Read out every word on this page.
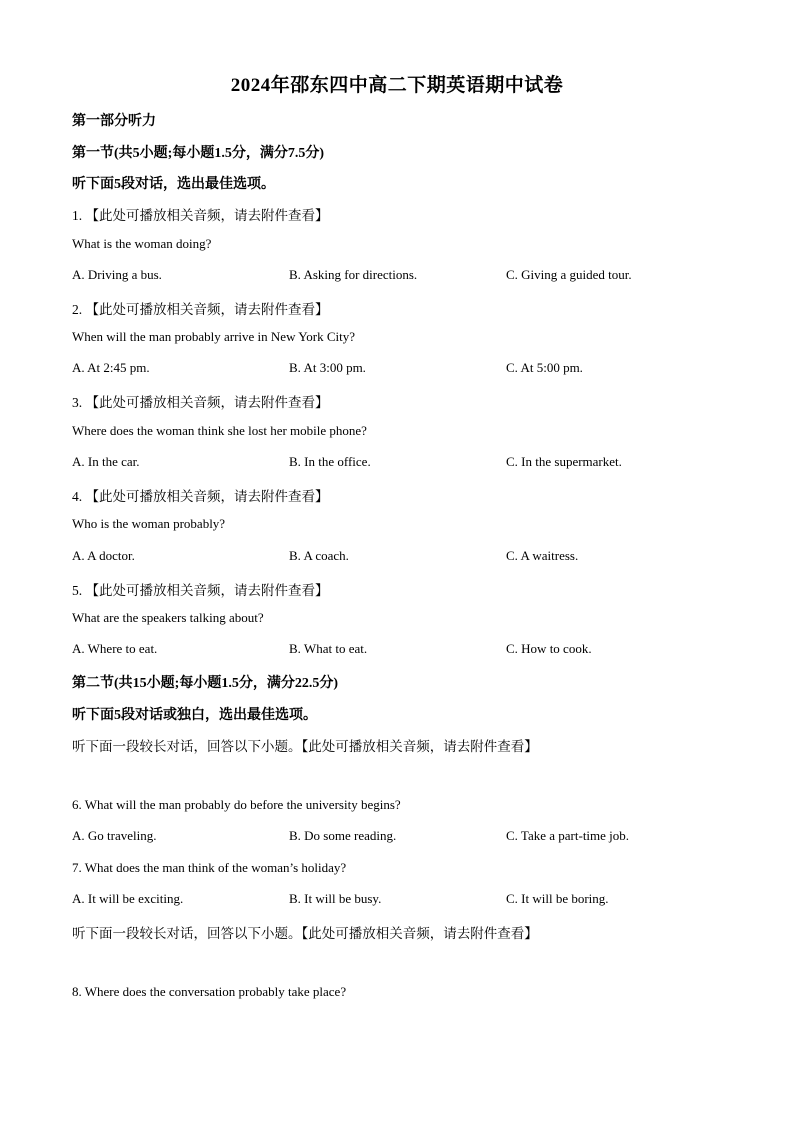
2024年邵东四中高二下期英语期中试卷
第一部分听力
第一节(共5小题;每小题1.5分，满分7.5分)
听下面5段对话，选出最佳选项。
1. 【此处可播放相关音频，请去附件查看】
What is the woman doing?
A. Driving a bus.	B. Asking for directions.	C. Giving a guided tour.
2. 【此处可播放相关音频，请去附件查看】
When will the man probably arrive in New York City?
A. At 2:45 pm.	B. At 3:00 pm.	C. At 5:00 pm.
3. 【此处可播放相关音频，请去附件查看】
Where does the woman think she lost her mobile phone?
A. In the car.	B. In the office.	C. In the supermarket.
4. 【此处可播放相关音频，请去附件查看】
Who is the woman probably?
A. A doctor.	B. A coach.	C. A waitress.
5. 【此处可播放相关音频，请去附件查看】
What are the speakers talking about?
A. Where to eat.	B. What to eat.	C. How to cook.
第二节(共15小题;每小题1.5分，满分22.5分)
听下面5段对话或独白，选出最佳选项。
听下面一段较长对话，回答以下小题。【此处可播放相关音频，请去附件查看】
6. What will the man probably do before the university begins?
A. Go traveling.	B. Do some reading.	C. Take a part-time job.
7. What does the man think of the woman’s holiday?
A. It will be exciting.	B. It will be busy.	C. It will be boring.
听下面一段较长对话，回答以下小题。【此处可播放相关音频，请去附件查看】
8. Where does the conversation probably take place?
